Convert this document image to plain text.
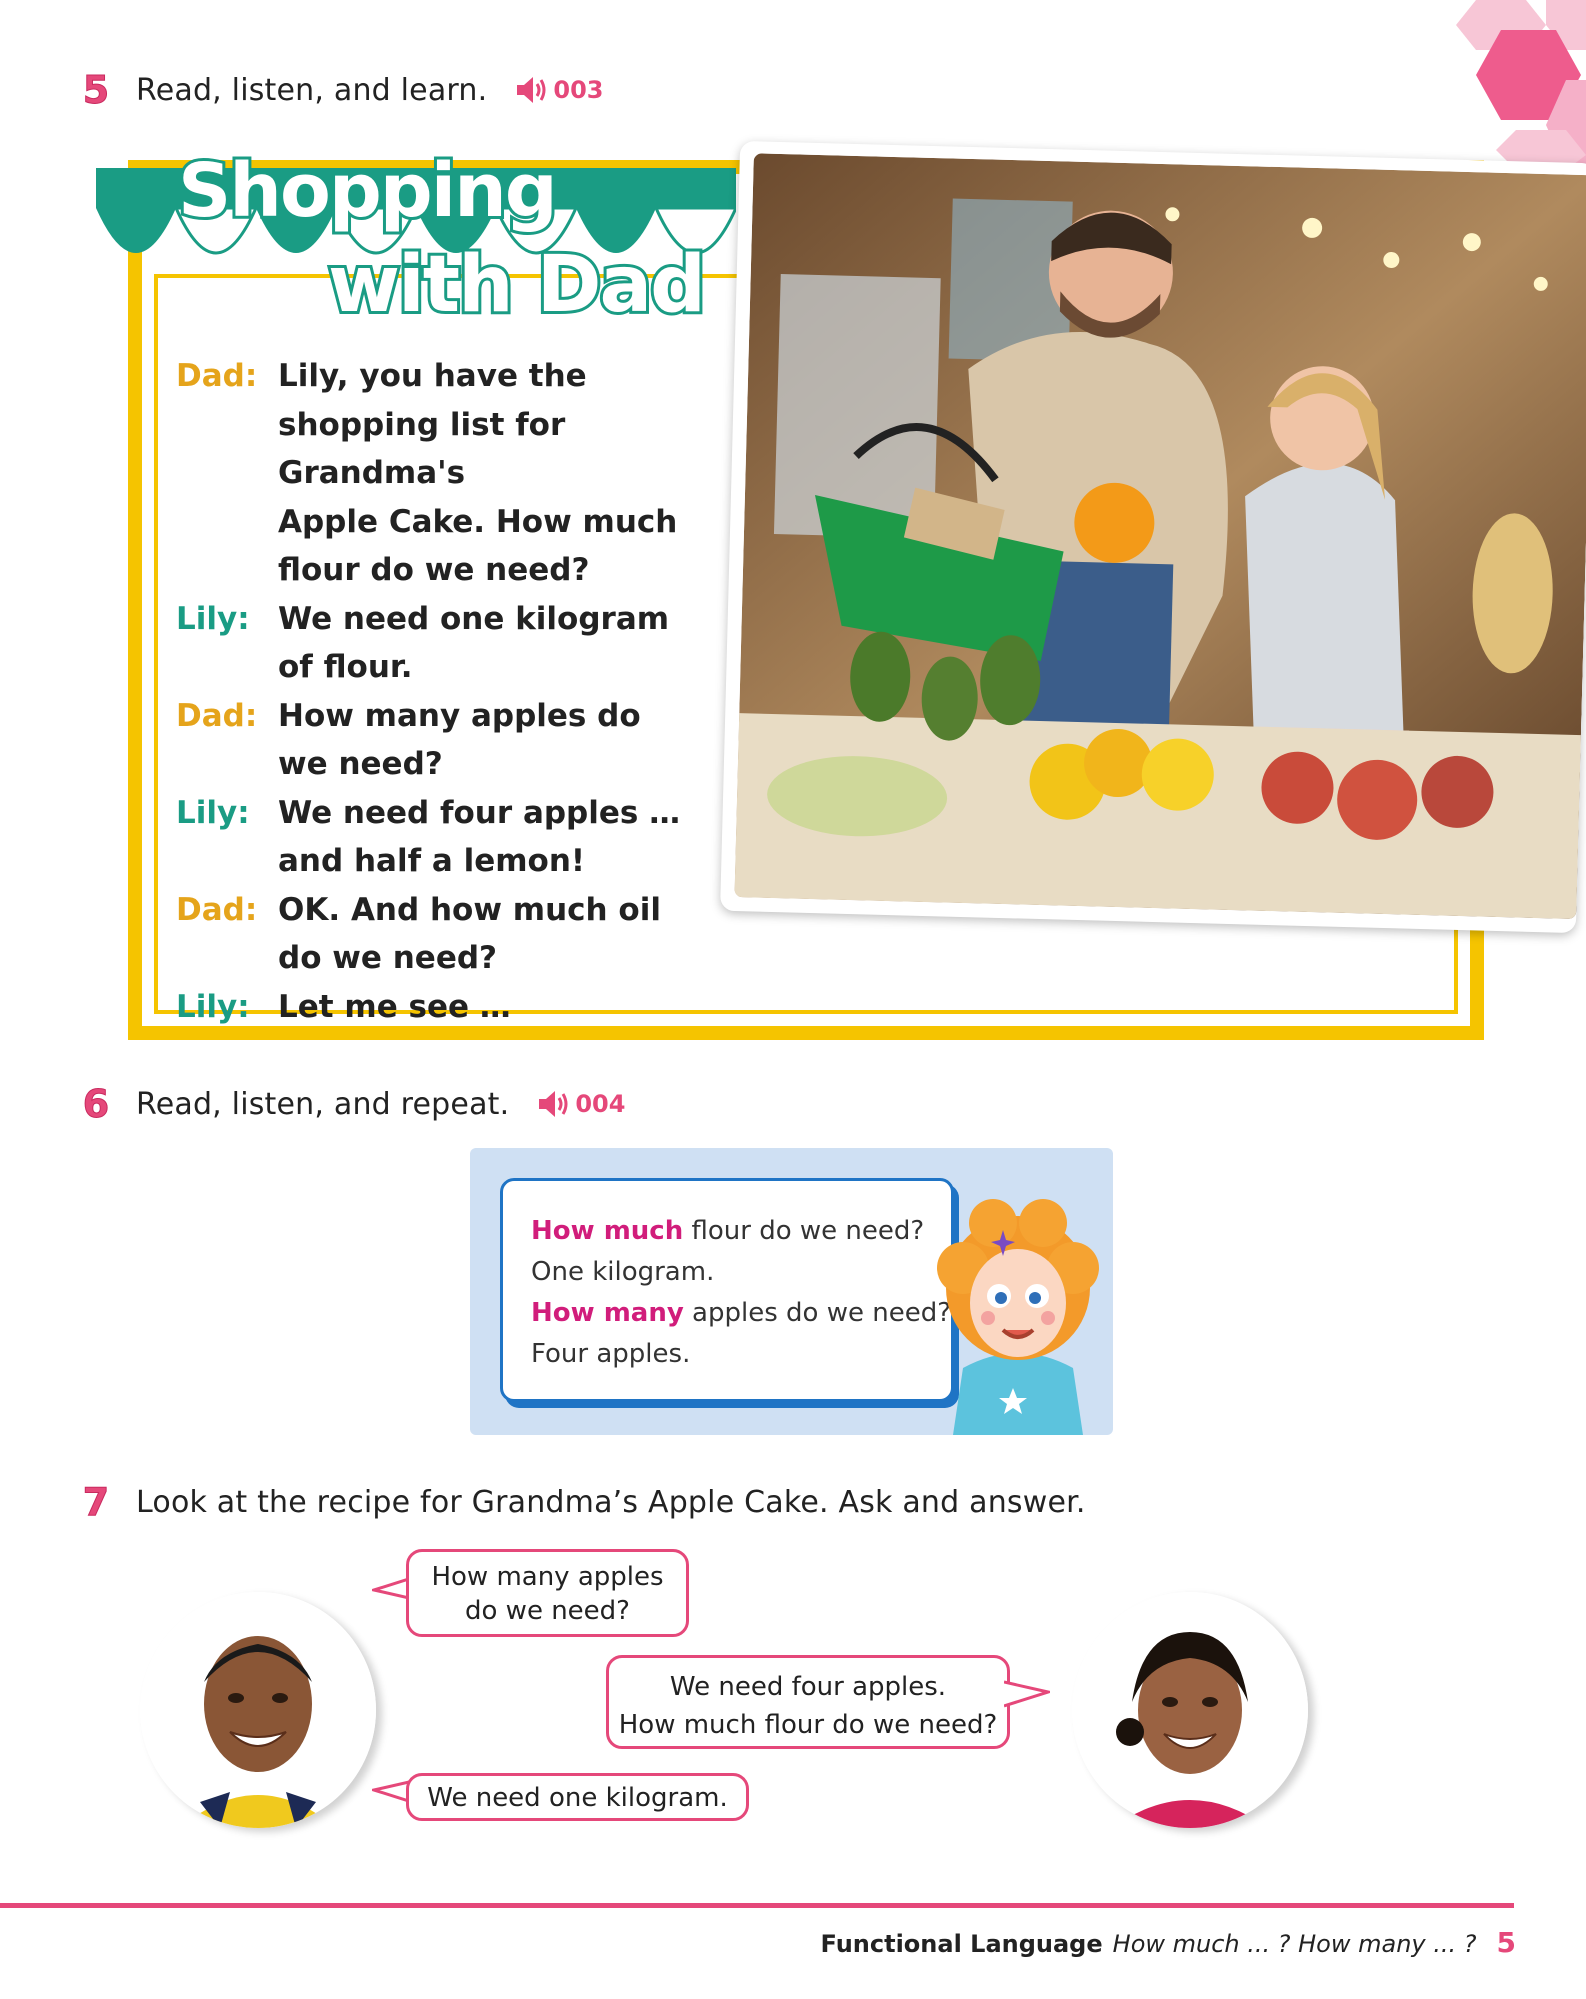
5 Read, listen, and learn.	003
Shopping
with Dad
Dad: Lily, you have the
shopping list for Grandma's
Apple Cake. How much
flour do we need?
Lily: We need one kilogram
of flour.
Dad: How many apples do
we need?
Lily: We need four apples …
and half a lemon!
Dad: OK. And how much oil
do we need?
Lily: Let me see …
6 Read, listen, and repeat.	004
How much flour do we need?
One kilogram.
How many apples do we need?
Four apples.
7 Look at the recipe for Grandma’s Apple Cake. Ask and answer.
How many apples
do we need?
We need four apples.
How much flour do we need?
We need one kilogram.
Functional Language How much ... ? How many ... ? 5
